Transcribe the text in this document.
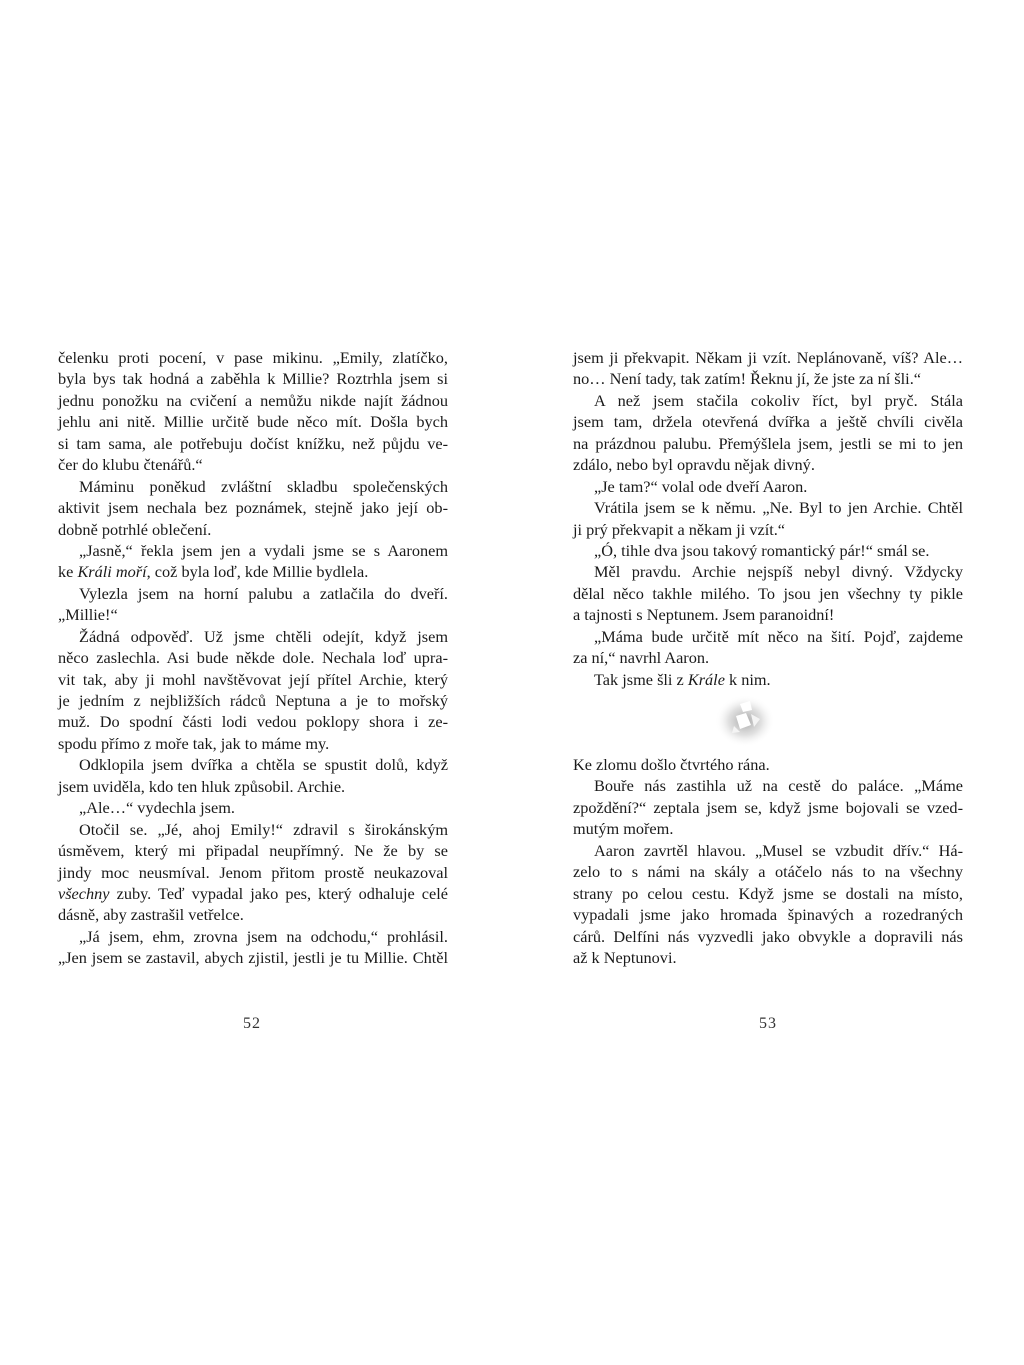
čelenku proti pocení, v pase mikinu. „Emily, zlatíčko,
byla bys tak hodná a zaběhla k Millie? Roztrhla jsem si
jednu ponožku na cvičení a nemůžu nikde najít žádnou
jehlu ani nitě. Millie určitě bude něco mít. Došla bych
si tam sama, ale potřebuju dočíst knížku, než půjdu ve-
čer do klubu čtenářů.“
Máminu poněkud zvláštní skladbu společenských
aktivit jsem nechala bez poznámek, stejně jako její ob-
dobně potrhlé oblečení.
„Jasně,“ řekla jsem jen a vydali jsme se s Aaronem
ke Králi moří, což byla loď, kde Millie bydlela.
Vylezla jsem na horní palubu a zatlačila do dveří.
„Millie!“
Žádná odpověď. Už jsme chtěli odejít, když jsem
něco zaslechla. Asi bude někde dole. Nechala loď upra-
vit tak, aby ji mohl navštěvovat její přítel Archie, který
je jedním z nejbližších rádců Neptuna a je to mořský
muž. Do spodní části lodi vedou poklopy shora i ze-
spodu přímo z moře tak, jak to máme my.
Odklopila jsem dvířka a chtěla se spustit dolů, když
jsem uviděla, kdo ten hluk způsobil. Archie.
„Ale…“ vydechla jsem.
Otočil se. „Jé, ahoj Emily!“ zdravil s širokánským
úsměvem, který mi připadal neupřímný. Ne že by se
jindy moc neusmíval. Jenom přitom prostě neukazoval
všechny zuby. Teď vypadal jako pes, který odhaluje celé
dásně, aby zastrašil vetřelce.
„Já jsem, ehm, zrovna jsem na odchodu,“ prohlásil.
„Jen jsem se zastavil, abych zjistil, jestli je tu Millie. Chtěl
52
jsem ji překvapit. Někam ji vzít. Neplánovaně, víš? Ale…
no… Není tady, tak zatím! Řeknu jí, že jste za ní šli.“
A než jsem stačila cokoliv říct, byl pryč. Stála
jsem tam, držela otevřená dvířka a ještě chvíli civěla
na prázdnou palubu. Přemýšlela jsem, jestli se mi to jen
zdálo, nebo byl opravdu nějak divný.
„Je tam?“ volal ode dveří Aaron.
Vrátila jsem se k němu. „Ne. Byl to jen Archie. Chtěl
ji prý překvapit a někam ji vzít.“
„Ó, tihle dva jsou takový romantický pár!“ smál se.
Měl pravdu. Archie nejspíš nebyl divný. Vždycky
dělal něco takhle milého. To jsou jen všechny ty pikle
a tajnosti s Neptunem. Jsem paranoidní!
„Máma bude určitě mít něco na šití. Pojď, zajdeme
za ní,“ navrhl Aaron.
Tak jsme šli z Krále k nim.
Ke zlomu došlo čtvrtého rána.
Bouře nás zastihla už na cestě do paláce. „Máme
zpoždění?“ zeptala jsem se, když jsme bojovali se vzed-
mutým mořem.
Aaron zavrtěl hlavou. „Musel se vzbudit dřív.“ Há-
zelo to s námi na skály a otáčelo nás to na všechny
strany po celou cestu. Když jsme se dostali na místo,
vypadali jsme jako hromada špinavých a rozedraných
cárů. Delfíni nás vyzvedli jako obvykle a dopravili nás
až k Neptunovi.
53
